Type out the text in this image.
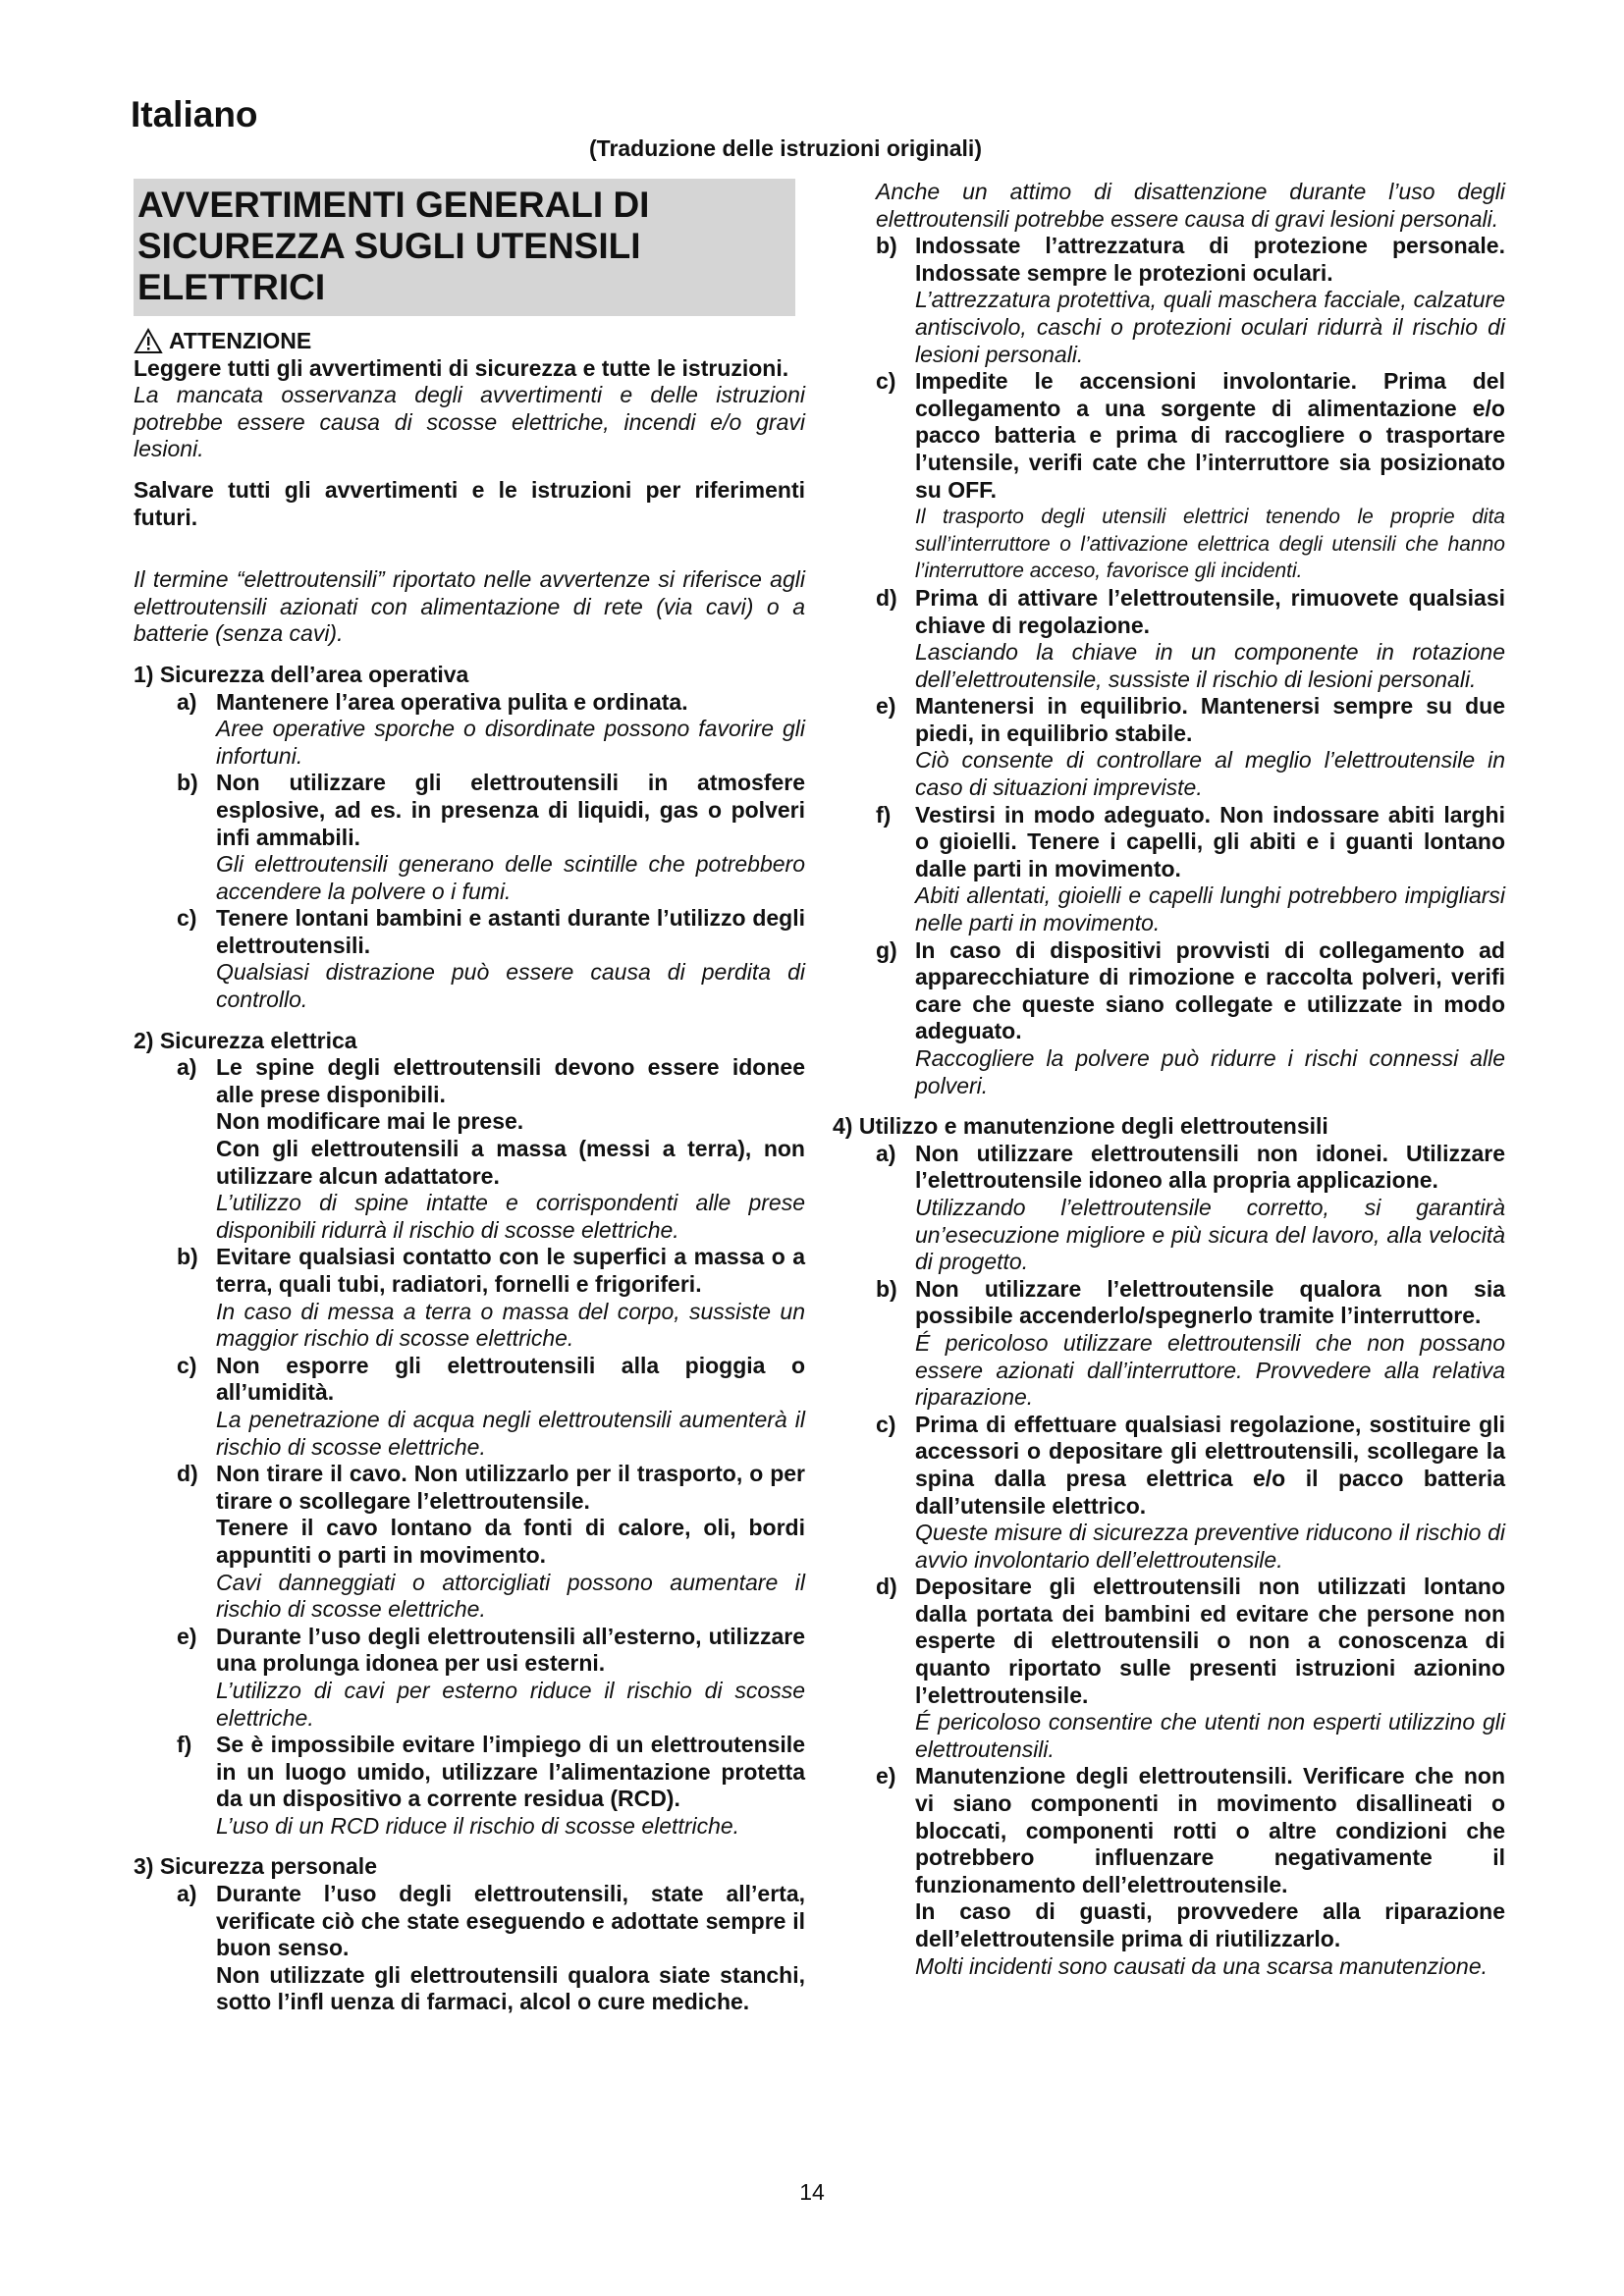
Italiano
(Traduzione delle istruzioni originali)
AVVERTIMENTI GENERALI DI SICUREZZA SUGLI UTENSILI ELETTRICI
ATTENZIONE

Leggere tutti gli avvertimenti di sicurezza e tutte le istruzioni.

La mancata osservanza degli avvertimenti e delle istruzioni potrebbe essere causa di scosse elettriche, incendi e/o gravi lesioni.

Salvare tutti gli avvertimenti e le istruzioni per riferimenti futuri.

Il termine “elettroutensili” riportato nelle avvertenze si riferisce agli elettroutensili azionati con alimentazione di rete (via cavi) o a batterie (senza cavi).

1) Sicurezza dell’area operativa

a) Mantenere l’area operativa pulita e ordinata.

Aree operative sporche o disordinate possono favorire gli infortuni.

b) Non utilizzare gli elettroutensili in atmosfere esplosive, ad es. in presenza di liquidi, gas o polveri infi ammabili.

Gli elettroutensili generano delle scintille che potrebbero accendere la polvere o i fumi.

c) Tenere lontani bambini e astanti durante l’utilizzo degli elettroutensili.

Qualsiasi distrazione può essere causa di perdita di controllo.

2) Sicurezza elettrica

a) Le spine degli elettroutensili devono essere idonee alle prese disponibili.

Non modificare mai le prese.

Con gli elettroutensili a massa (messi a terra), non utilizzare alcun adattatore.

L’utilizzo di spine intatte e corrispondenti alle prese disponibili ridurrà il rischio di scosse elettriche.

b) Evitare qualsiasi contatto con le superfici a massa o a terra, quali tubi, radiatori, fornelli e frigoriferi.

In caso di messa a terra o massa del corpo, sussiste un maggior rischio di scosse elettriche.

c) Non esporre gli elettroutensili alla pioggia o all’umidità.

La penetrazione di acqua negli elettroutensili aumenterà il rischio di scosse elettriche.

d) Non tirare il cavo. Non utilizzarlo per il trasporto, o per tirare o scollegare l’elettroutensile.

Tenere il cavo lontano da fonti di calore, oli, bordi appuntiti o parti in movimento.

Cavi danneggiati o attorcigliati possono aumentare il rischio di scosse elettriche.

e) Durante l’uso degli elettroutensili all’esterno, utilizzare una prolunga idonea per usi esterni.

L’utilizzo di cavi per esterno riduce il rischio di scosse elettriche.

f)	Se è impossibile evitare l’impiego di un elettroutensile in un luogo umido, utilizzare l’alimentazione protetta da un dispositivo a corrente residua (RCD).

L’uso di un RCD riduce il rischio di scosse elettriche.

3) Sicurezza personale

a) Durante l’uso degli elettroutensili, state all’erta, verificate ciò che state eseguendo e adottate sempre il buon senso.

Non utilizzate gli elettroutensili qualora siate stanchi, sotto l’infl uenza di farmaci, alcol o cure mediche.

Anche un attimo di disattenzione durante l’uso degli elettroutensili potrebbe essere causa di gravi lesioni personali.

b) Indossate l’attrezzatura di protezione personale. Indossate sempre le protezioni oculari.

L’attrezzatura protettiva, quali maschera facciale, calzature antiscivolo, caschi o protezioni oculari ridurrà il rischio di lesioni personali.

c) Impedite le accensioni involontarie. Prima del collegamento a una sorgente di alimentazione e/o pacco batteria e prima di raccogliere o trasportare l’utensile, verifi cate che l’interruttore sia posizionato su OFF.

Il trasporto degli utensili elettrici tenendo le proprie dita sull’interruttore o l’attivazione elettrica degli utensili che hanno l’interruttore acceso, favorisce gli incidenti.

d) Prima di attivare l’elettroutensile, rimuovete qualsiasi chiave di regolazione.

Lasciando la chiave in un componente in rotazione dell’elettroutensile, sussiste il rischio di lesioni personali.

e) Mantenersi in equilibrio. Mantenersi sempre su due piedi, in equilibrio stabile.

Ciò consente di controllare al meglio l’elettroutensile in caso di situazioni impreviste.

f)	Vestirsi in modo adeguato. Non indossare abiti larghi o gioielli. Tenere i capelli, gli abiti e i guanti lontano dalle parti in movimento.

Abiti allentati, gioielli e capelli lunghi potrebbero impigliarsi nelle parti in movimento.

g) In caso di dispositivi provvisti di collegamento ad apparecchiature di rimozione e raccolta polveri, verifi care che queste siano collegate e utilizzate in modo adeguato.

Raccogliere la polvere può ridurre i rischi connessi alle polveri.

4) Utilizzo e manutenzione degli elettroutensili

a) Non utilizzare elettroutensili non idonei. Utilizzare l’elettroutensile idoneo alla propria applicazione.

Utilizzando l’elettroutensile corretto, si garantirà un’esecuzione migliore e più sicura del lavoro, alla velocità di progetto.

b) Non utilizzare l’elettroutensile qualora non sia possibile accenderlo/spegnerlo tramite l’interruttore.

É pericoloso utilizzare elettroutensili che non possano essere azionati dall’interruttore. Provvedere alla relativa riparazione.

c) Prima di effettuare qualsiasi regolazione, sostituire gli accessori o depositare gli elettroutensili, scollegare la spina dalla presa elettrica e/o il pacco batteria dall’utensile elettrico.

Queste misure di sicurezza preventive riducono il rischio di avvio involontario dell’elettroutensile.

d) Depositare gli elettroutensili non utilizzati lontano dalla portata dei bambini ed evitare che persone non esperte di elettroutensili o non a conoscenza di quanto riportato sulle presenti istruzioni azionino l’elettroutensile.

É pericoloso consentire che utenti non esperti utilizzino gli elettroutensili.

e) Manutenzione degli elettroutensili. Verificare che non vi siano componenti in movimento disallineati o bloccati, componenti rotti o altre condizioni che potrebbero influenzare negativamente il funzionamento dell’elettroutensile.

In caso di guasti, provvedere alla riparazione dell’elettroutensile prima di riutilizzarlo.

Molti incidenti sono causati da una scarsa manutenzione.

14
